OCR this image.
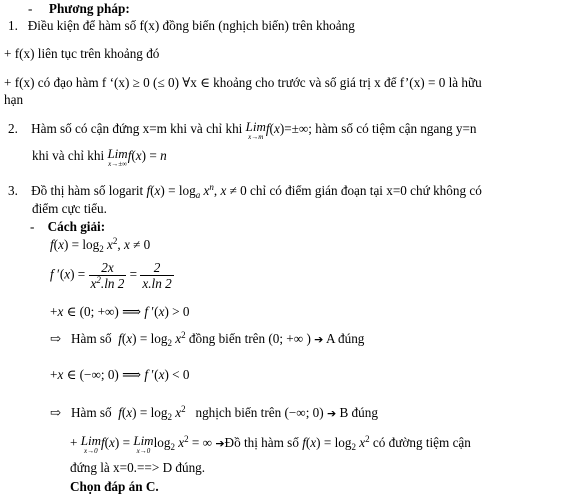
- Phương pháp:
1. Điều kiện để hàm số f(x) đồng biến (nghịch biến) trên khoảng
+ f(x) liên tục trên khoảng đó
+ f(x) có đạo hàm f ‘(x) ≥ 0 (≤ 0) ∀x ∈ khoảng cho trước và số giá trị x để f’(x) = 0 là hữu
hạn
2. Hàm số có cận đứng x=m khi và chỉ khi Lim
x→m
f(x)=±∞; hàm số có tiệm cận ngang y=n
khi và chỉ khi Lim
x→±∞
f(x) = n
3. Đồ thị hàm số logarit $f(x) = \log_a x^n$, x ≠ 0 chỉ có điểm gián đoạn tại x=0 chứ không có
điểm cực tiểu.
- Cách giải:
$f(x) = \log_2 x^2$, x ≠ 0
f $'(x) = \frac{2x}{x^2.\ln 2} = \frac{2}{x.\ln 2}$
+x ∈ (0; +∞) ⟹ f ′(x) > 0
⇨ Hàm số $f(x) = \log_2 x^2$ đồng biến trên (0; +∞ ) ➔ A đúng
+x ∈ (−∞; 0) ⟹ f ′(x) < 0
⇨ Hàm số $f(x) = \log_2 x^2$ nghịch biến trên (−∞; 0) ➔ B đúng
+ Lim
x→0
f(x) = Lim
x→0
$\log_2 x^2$ = ∞ ➔Đồ thị hàm số $f(x) = \log_2 x^2$ có đường tiệm cận
đứng là x=0.==> D đúng.
Chọn đáp án C.
